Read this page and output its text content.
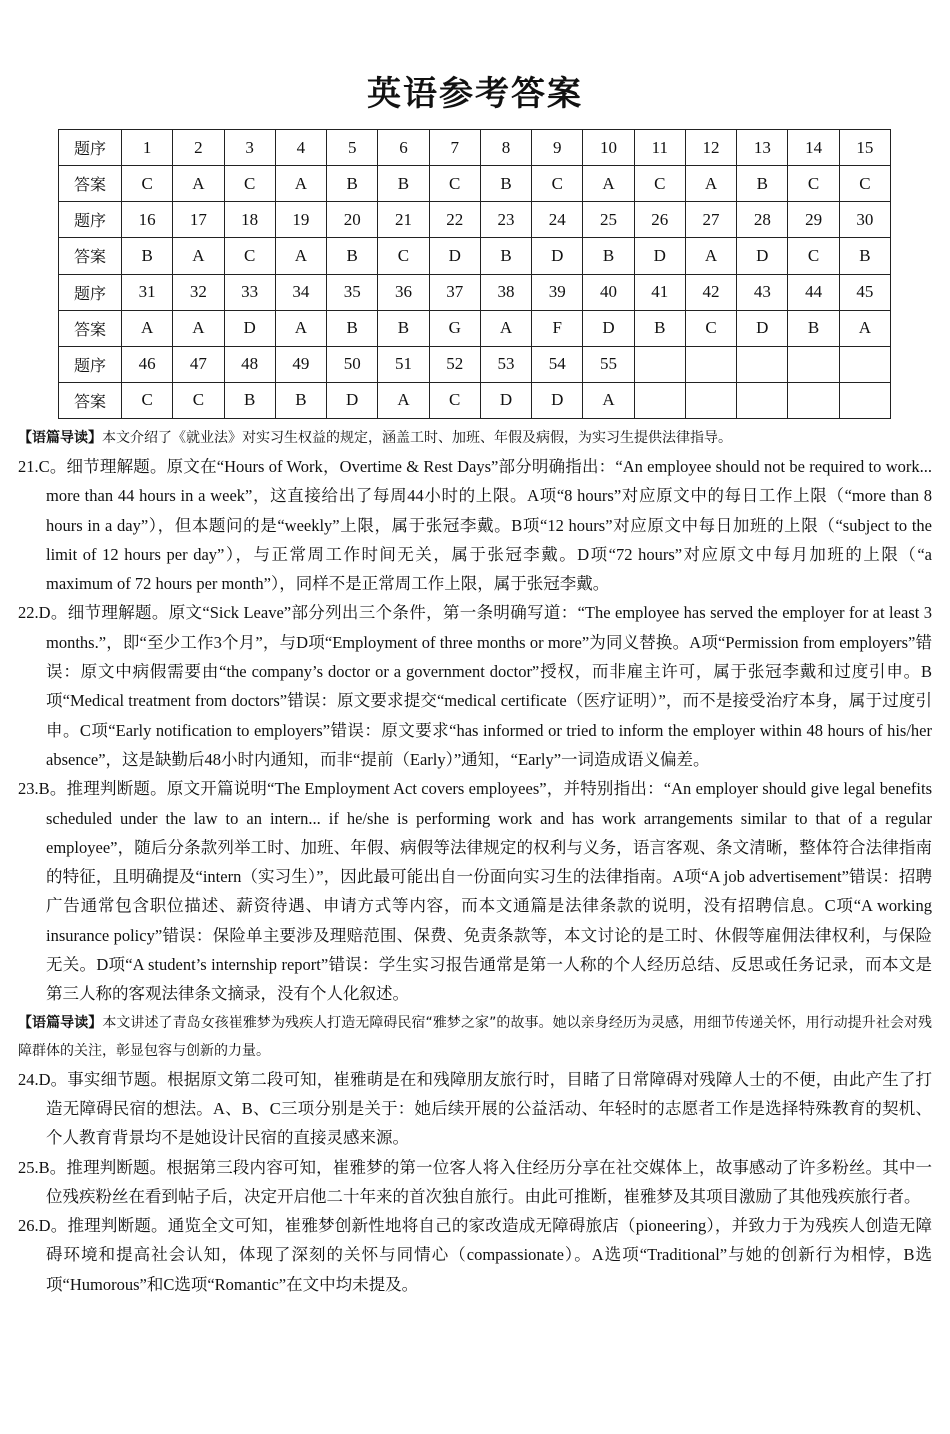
英语参考答案
题序	1	2	3	4	5	6	7	8	9	10	11	12	13	14	15
答案	C	A	C	A	B	B	C	B	C	A	C	A	B	C	C
题序	16	17	18	19	20	21	22	23	24	25	26	27	28	29	30
答案	B	A	C	A	B	C	D	B	D	B	D	A	D	C	B
题序	31	32	33	34	35	36	37	38	39	40	41	42	43	44	45
答案	A	A	D	A	B	B	G	A	F	D	B	C	D	B	A
题序	46	47	48	49	50	51	52	53	54	55					
答案	C	C	B	B	D	A	C	D	D	A					

【语篇导读】本文介绍了《就业法》对实习生权益的规定，涵盖工时、加班、年假及病假，为实习生提供法律指导。

21.C。细节理解题。原文在“Hours of Work，Overtime & Rest Days”部分明确指出：“An employee should not be required to work... more than 44 hours in a week”，这直接给出了每周44小时的上限。A项“8 hours”对应原文中的每日工作上限（“more than 8 hours in a day”），但本题问的是“weekly”上限，属于张冠李戴。B项“12 hours”对应原文中每日加班的上限（“subject to the limit of 12 hours per day”），与正常周工作时间无关，属于张冠李戴。D项“72 hours”对应原文中每月加班的上限（“a maximum of 72 hours per month”），同样不是正常周工作上限，属于张冠李戴。

22.D。细节理解题。原文“Sick Leave”部分列出三个条件，第一条明确写道：“The employee has served the employer for at least 3 months.”，即“至少工作3个月”，与D项“Employment of three months or more”为同义替换。A项“Permission from employers”错误：原文中病假需要由“the company’s doctor or a government doctor”授权，而非雇主许可，属于张冠李戴和过度引申。B项“Medical treatment from doctors”错误：原文要求提交“medical certificate（医疗证明）”，而不是接受治疗本身，属于过度引申。C项“Early notification to employers”错误：原文要求“has informed or tried to inform the employer within 48 hours of his/her absence”，这是缺勤后48小时内通知，而非“提前（Early）”通知，“Early”一词造成语义偏差。

23.B。推理判断题。原文开篇说明“The Employment Act covers employees”，并特别指出：“An employer should give legal benefits scheduled under the law to an intern... if he/she is performing work and has work arrangements similar to that of a regular employee”，随后分条款列举工时、加班、年假、病假等法律规定的权利与义务，语言客观、条文清晰，整体符合法律指南的特征，且明确提及“intern（实习生）”，因此最可能出自一份面向实习生的法律指南。A项“A job advertisement”错误：招聘广告通常包含职位描述、薪资待遇、申请方式等内容，而本文通篇是法律条款的说明，没有招聘信息。C项“A working insurance policy”错误：保险单主要涉及理赔范围、保费、免责条款等，本文讨论的是工时、休假等雇佣法律权利，与保险无关。D项“A student’s internship report”错误：学生实习报告通常是第一人称的个人经历总结、反思或任务记录，而本文是第三人称的客观法律条文摘录，没有个人化叙述。

【语篇导读】本文讲述了青岛女孩崔雅梦为残疾人打造无障碍民宿“雅梦之家”的故事。她以亲身经历为灵感，用细节传递关怀，用行动提升社会对残障群体的关注，彰显包容与创新的力量。

24.D。事实细节题。根据原文第二段可知，崔雅萌是在和残障朋友旅行时，目睹了日常障碍对残障人士的不便，由此产生了打造无障碍民宿的想法。A、B、C三项分别是关于：她后续开展的公益活动、年轻时的志愿者工作是选择特殊教育的契机、个人教育背景均不是她设计民宿的直接灵感来源。

25.B。推理判断题。根据第三段内容可知，崔雅梦的第一位客人将入住经历分享在社交媒体上，故事感动了许多粉丝。其中一位残疾粉丝在看到帖子后，决定开启他二十年来的首次独自旅行。由此可推断，崔雅梦及其项目激励了其他残疾旅行者。

26.D。推理判断题。通览全文可知，崔雅梦创新性地将自己的家改造成无障碍旅店（pioneering），并致力于为残疾人创造无障碍环境和提高社会认知，体现了深刻的关怀与同情心（compassionate）。A选项“Traditional”与她的创新行为相悖，B选项“Humorous”和C选项“Romantic”在文中均未提及。
